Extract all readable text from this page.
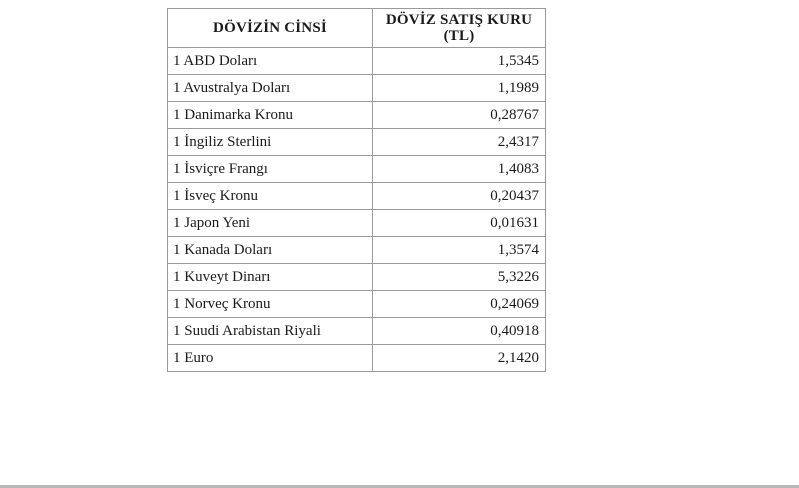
DÖVİZİN CİNSİ	DÖVİZ SATIŞ KURU
(TL)
1 ABD Doları	1,5345
1 Avustralya Doları	1,1989
1 Danimarka Kronu	0,28767
1 İngiliz Sterlini	2,4317
1 İsviçre Frangı	1,4083
1 İsveç Kronu	0,20437
1 Japon Yeni	0,01631
1 Kanada Doları	1,3574
1 Kuveyt Dinarı	5,3226
1 Norveç Kronu	0,24069
1 Suudi Arabistan Riyali	0,40918
1 Euro	2,1420
